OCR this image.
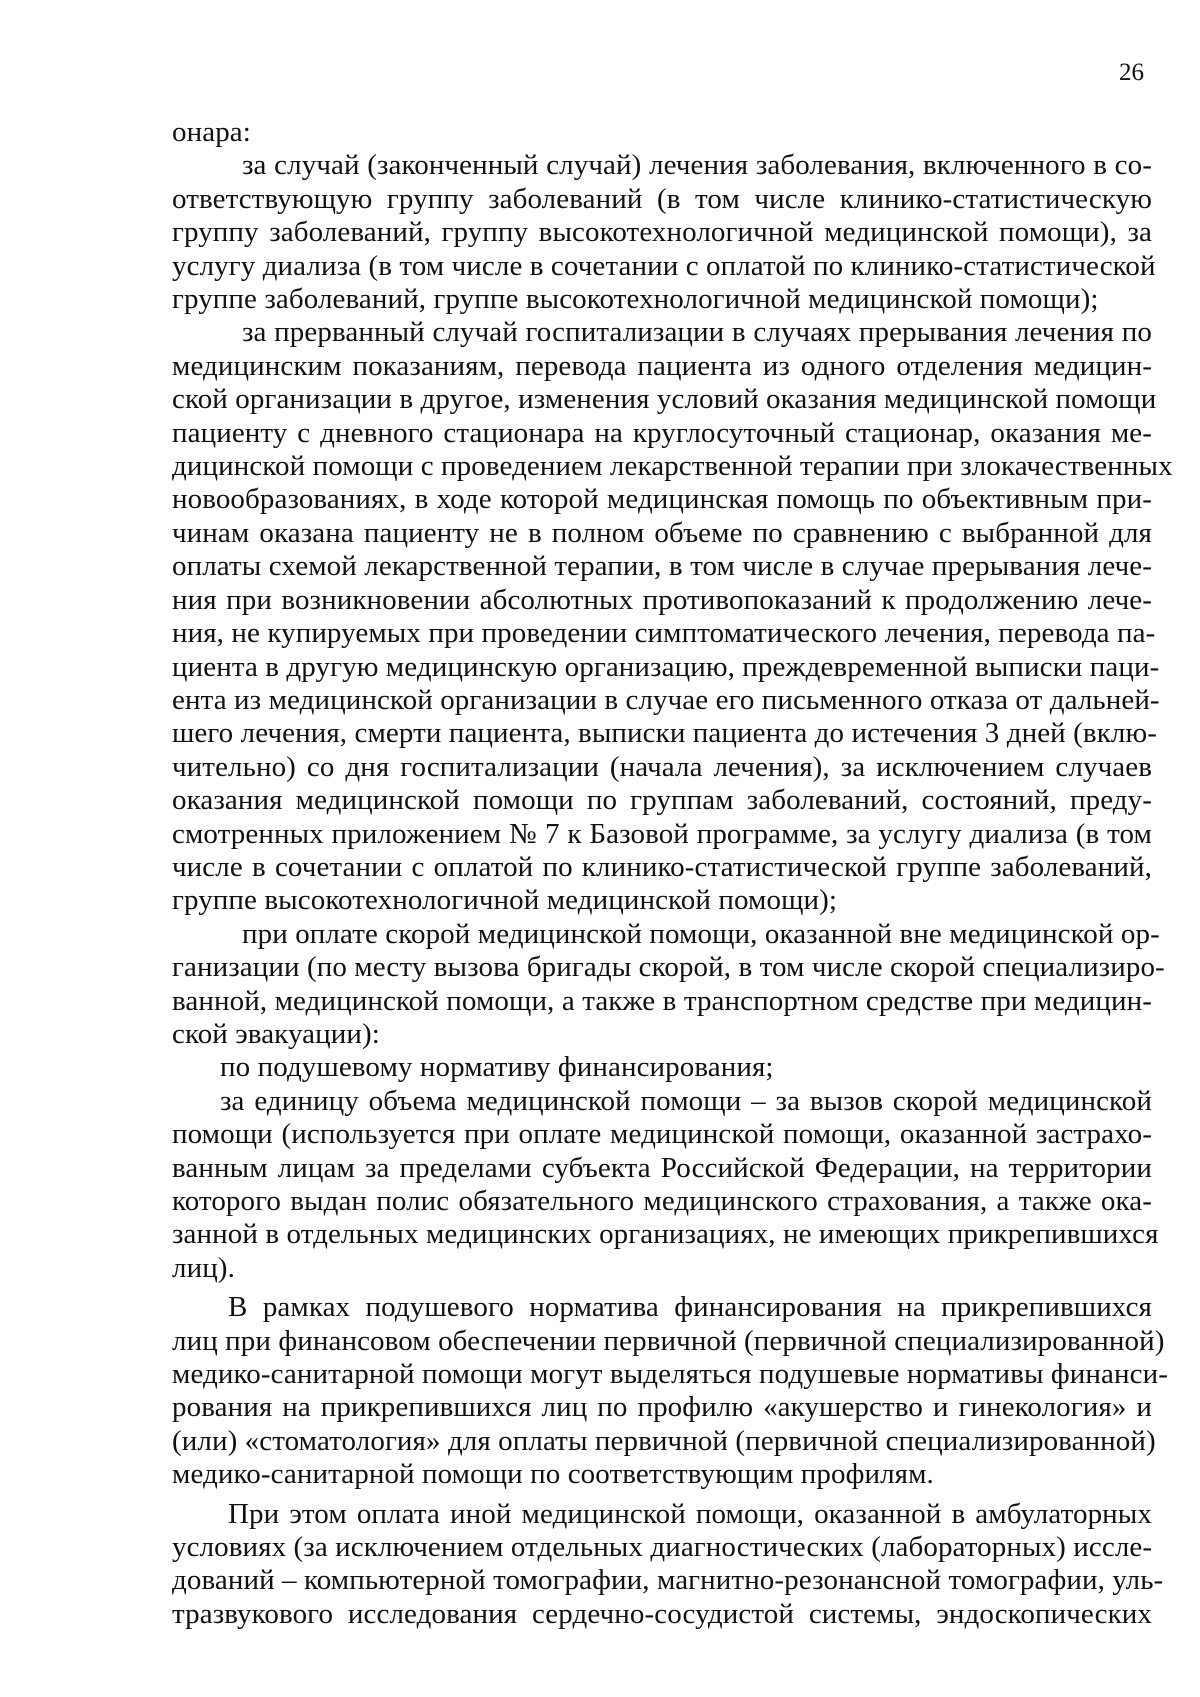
26
онара:
за случай (законченный случай) лечения заболевания, включенного в со-
ответствующую группу заболеваний (в том числе клинико-статистическую
группу заболеваний, группу высокотехнологичной медицинской помощи), за
услугу диализа (в том числе в сочетании с оплатой по клинико-статистической
группе заболеваний, группе высокотехнологичной медицинской помощи);
за прерванный случай госпитализации в случаях прерывания лечения по
медицинским показаниям, перевода пациента из одного отделения медицин-
ской организации в другое, изменения условий оказания медицинской помощи
пациенту с дневного стационара на круглосуточный стационар, оказания ме-
дицинской помощи с проведением лекарственной терапии при злокачественных
новообразованиях, в ходе которой медицинская помощь по объективным при-
чинам оказана пациенту не в полном объеме по сравнению с выбранной для
оплаты схемой лекарственной терапии, в том числе в случае прерывания лече-
ния при возникновении абсолютных противопоказаний к продолжению лече-
ния, не купируемых при проведении симптоматического лечения, перевода па-
циента в другую медицинскую организацию, преждевременной выписки паци-
ента из медицинской организации в случае его письменного отказа от дальней-
шего лечения, смерти пациента, выписки пациента до истечения 3 дней (вклю-
чительно) со дня госпитализации (начала лечения), за исключением случаев
оказания медицинской помощи по группам заболеваний, состояний, преду-
смотренных приложением № 7 к Базовой программе, за услугу диализа (в том
числе в сочетании с оплатой по клинико-статистической группе заболеваний,
группе высокотехнологичной медицинской помощи);
при оплате скорой медицинской помощи, оказанной вне медицинской ор-
ганизации (по месту вызова бригады скорой, в том числе скорой специализиро-
ванной, медицинской помощи, а также в транспортном средстве при медицин-
ской эвакуации):
по подушевому нормативу финансирования;
за единицу объема медицинской помощи – за вызов скорой медицинской
помощи (используется при оплате медицинской помощи, оказанной застрахо-
ванным лицам за пределами субъекта Российской Федерации, на территории
которого выдан полис обязательного медицинского страхования, а также ока-
занной в отдельных медицинских организациях, не имеющих прикрепившихся
лиц).
В рамках подушевого норматива финансирования на прикрепившихся
лиц при финансовом обеспечении первичной (первичной специализированной)
медико-санитарной помощи могут выделяться подушевые нормативы финанси-
рования на прикрепившихся лиц по профилю «акушерство и гинекология» и
(или) «стоматология» для оплаты первичной (первичной специализированной)
медико-санитарной помощи по соответствующим профилям.
При этом оплата иной медицинской помощи, оказанной в амбулаторных
условиях (за исключением отдельных диагностических (лабораторных) иссле-
дований – компьютерной томографии, магнитно-резонансной томографии, уль-
тразвукового исследования сердечно-сосудистой системы, эндоскопических
